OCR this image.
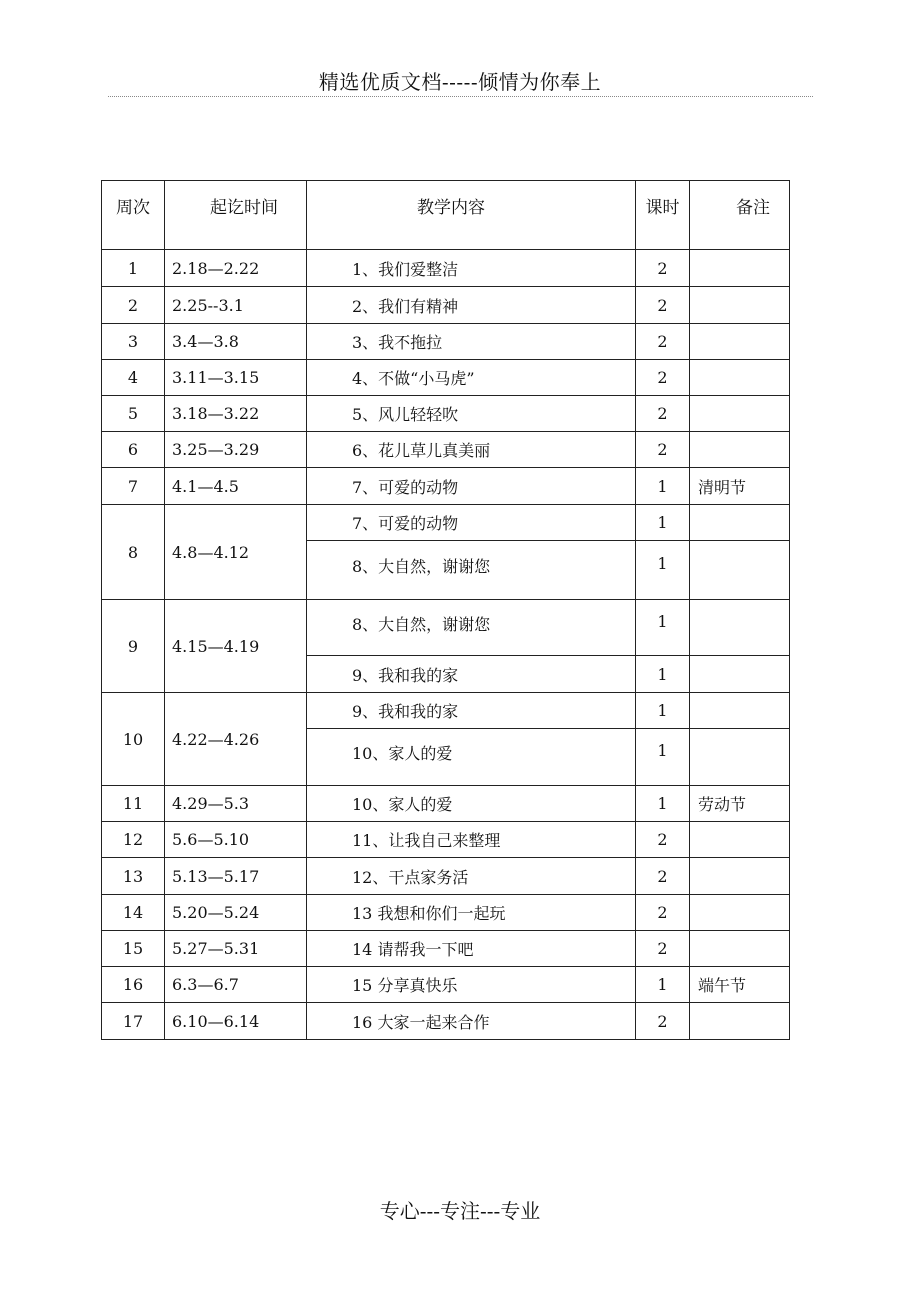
精选优质文档-----倾情为你奉上
周次	起讫时间	教学内容	课时	备注
1	2.18—2.22	1、我们爱整洁	2	
2	2.25--3.1	2、我们有精神	2	
3	3.4—3.8	3、我不拖拉	2	
4	3.11—3.15	4、不做“小马虎”	2	
5	3.18—3.22	5、风儿轻轻吹	2	
6	3.25—3.29	6、花儿草儿真美丽	2	
7	4.1—4.5	7、可爱的动物	1	清明节
8	4.8—4.12	7、可爱的动物	1	
		8、大自然，谢谢您	1	
9	4.15—4.19	8、大自然，谢谢您	1	
		9、我和我的家	1	
10	4.22—4.26	9、我和我的家	1	
		10、家人的爱	1	
11	4.29—5.3	10、家人的爱	1	劳动节
12	5.6—5.10	11、让我自己来整理	2	
13	5.13—5.17	12、干点家务活	2	
14	5.20—5.24	13 我想和你们一起玩	2	
15	5.27—5.31	14 请帮我一下吧	2	
16	6.3—6.7	15 分享真快乐	1	端午节
17	6.10—6.14	16 大家一起来合作	2	
专心---专注---专业
